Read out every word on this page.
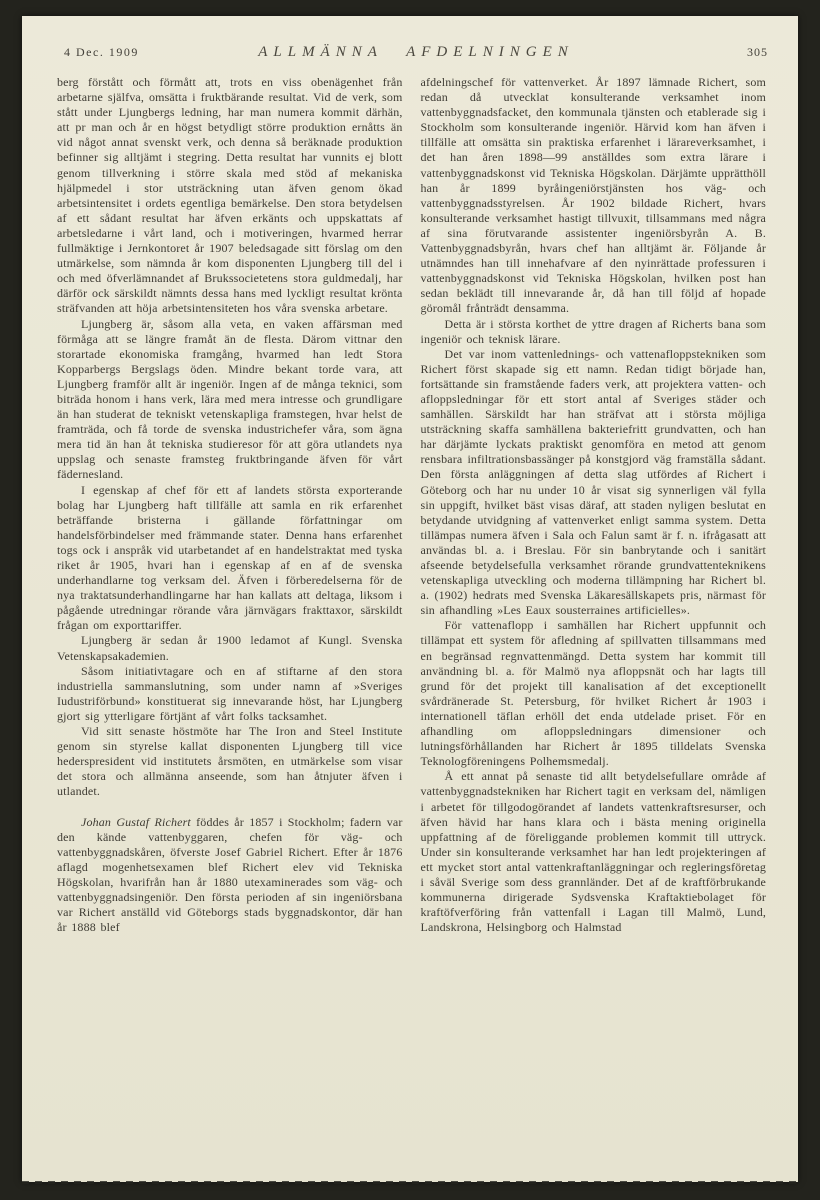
4 Dec. 1909	ALLMÄNNA AFDELNINGEN	305

berg förstått och förmått att, trots en viss obenägenhet från arbetarne själfva, omsätta i fruktbärande resultat. Vid de verk, som stått under Ljungbergs ledning, har man numera kommit därhän, att pr man och år en högst betydligt större produktion ernåtts än vid något annat svenskt verk, och denna så beräknade produktion befinner sig alltjämt i stegring. Detta resultat har vunnits ej blott genom tillverkning i större skala med stöd af mekaniska hjälpmedel i stor utsträckning utan äfven genom ökad arbetsintensitet i ordets egentliga bemärkelse. Den stora betydelsen af ett sådant resultat har äfven erkänts och uppskattats af arbetsledarne i vårt land, och i motiveringen, hvarmed herrar fullmäktige i Jernkontoret år 1907 beledsagade sitt förslag om den utmärkelse, som nämnda år kom disponenten Ljungberg till del i och med öfverlämnandet af Brukssocietetens stora guldmedalj, har därför ock särskildt nämnts dessa hans med lyckligt resultat krönta sträfvanden att höja arbetsintensiteten hos våra svenska arbetare.

Ljungberg är, såsom alla veta, en vaken affärsman med förmåga att se längre framåt än de flesta. Därom vittnar den storartade ekonomiska framgång, hvarmed han ledt Stora Kopparbergs Bergslags öden. Mindre bekant torde vara, att Ljungberg framför allt är ingeniör. Ingen af de många teknici, som biträda honom i hans verk, lära med mera intresse och grundligare än han studerat de tekniskt vetenskapliga framstegen, hvar helst de framträda, och få torde de svenska industrichefer våra, som ägna mera tid än han åt tekniska studieresor för att göra utlandets nya uppslag och senaste framsteg fruktbringande äfven för vårt fädernesland.

I egenskap af chef för ett af landets största exporterande bolag har Ljungberg haft tillfälle att samla en rik erfarenhet beträffande bristerna i gällande författningar om handelsförbindelser med främmande stater. Denna hans erfarenhet togs ock i anspråk vid utarbetandet af en handelstraktat med tyska riket år 1905, hvari han i egenskap af en af de svenska underhandlarne tog verksam del. Äfven i förberedelserna för de nya traktatsunderhandlingarne har han kallats att deltaga, liksom i pågående utredningar rörande våra järnvägars frakttaxor, särskildt frågan om exporttariffer.

Ljungberg är sedan år 1900 ledamot af Kungl. Svenska Vetenskapsakademien.

Såsom initiativtagare och en af stiftarne af den stora industriella sammanslutning, som under namn af »Sveriges Iudustriförbund» konstituerat sig innevarande höst, har Ljungberg gjort sig ytterligare förtjänt af vårt folks tacksamhet.

Vid sitt senaste höstmöte har The Iron and Steel Institute genom sin styrelse kallat disponenten Ljungberg till vice hederspresident vid institutets årsmöten, en utmärkelse som visar det stora och allmänna anseende, som han åtnjuter äfven i utlandet.

Johan Gustaf Richert föddes år 1857 i Stockholm; fadern var den kände vattenbyggaren, chefen för väg- och vattenbyggnadskåren, öfverste Josef Gabriel Richert. Efter år 1876 aflagd mogenhetsexamen blef Richert elev vid Tekniska Högskolan, hvarifrån han år 1880 utexaminerades som väg- och vattenbyggnadsingeniör. Den första perioden af sin ingeniörsbana var Richert anställd vid Göteborgs stads byggnadskontor, där han år 1888 blef

afdelningschef för vattenverket. År 1897 lämnade Richert, som redan då utvecklat konsulterande verksamhet inom vattenbyggnadsfacket, den kommunala tjänsten och etablerade sig i Stockholm som konsulterande ingeniör. Härvid kom han äfven i tillfälle att omsätta sin praktiska erfarenhet i lärareverksamhet, i det han åren 1898—99 anställdes som extra lärare i vattenbyggnadskonst vid Tekniska Högskolan. Därjämte upprätthöll han år 1899 byråingeniörstjänsten hos väg- och vattenbyggnadsstyrelsen. År 1902 bildade Richert, hvars konsulterande verksamhet hastigt tillvuxit, tillsammans med några af sina förutvarande assistenter ingeniörsbyrån A. B. Vattenbyggnadsbyrån, hvars chef han alltjämt är. Följande år utnämndes han till innehafvare af den nyinrättade professuren i vattenbyggnadskonst vid Tekniska Högskolan, hvilken post han sedan beklädt till innevarande år, då han till följd af hopade göromål frånträdt densamma.

Detta är i största korthet de yttre dragen af Richerts bana som ingeniör och teknisk lärare.

Det var inom vattenlednings- och vattenafloppstekniken som Richert först skapade sig ett namn. Redan tidigt började han, fortsättande sin framstående faders verk, att projektera vatten- och afloppsledningar för ett stort antal af Sveriges städer och samhällen. Särskildt har han sträfvat att i största möjliga utsträckning skaffa samhällena bakteriefritt grundvatten, och han har därjämte lyckats praktiskt genomföra en metod att genom rensbara infiltrationsbassänger på konstgjord väg framställa sådant. Den första anläggningen af detta slag utfördes af Richert i Göteborg och har nu under 10 år visat sig synnerligen väl fylla sin uppgift, hvilket bäst visas däraf, att staden nyligen beslutat en betydande utvidgning af vattenverket enligt samma system. Detta tillämpas numera äfven i Sala och Falun samt är f. n. ifrågasatt att användas bl. a. i Breslau. För sin banbrytande och i sanitärt afseende betydelsefulla verksamhet rörande grundvattenteknikens vetenskapliga utveckling och moderna tillämpning har Richert bl. a. (1902) hedrats med Svenska Läkaresällskapets pris, närmast för sin afhandling »Les Eaux sousterraines artificielles».

För vattenaflopp i samhällen har Richert uppfunnit och tillämpat ett system för afledning af spillvatten tillsammans med en begränsad regnvattenmängd. Detta system har kommit till användning bl. a. för Malmö nya afloppsnät och har lagts till grund för det projekt till kanalisation af det exceptionellt svårdränerade St. Petersburg, för hvilket Richert år 1903 i internationell täflan erhöll det enda utdelade priset. För en afhandling om afloppsledningars dimensioner och lutningsförhållanden har Richert år 1895 tilldelats Svenska Teknologföreningens Polhemsmedalj.

Å ett annat på senaste tid allt betydelsefullare område af vattenbyggnadstekniken har Richert tagit en verksam del, nämligen i arbetet för tillgodogörandet af landets vattenkraftsresurser, och äfven hävid har hans klara och i bästa mening originella uppfattning af de föreliggande problemen kommit till uttryck. Under sin konsulterande verksamhet har han ledt projekteringen af ett mycket stort antal vattenkraftanläggningar och regleringsföretag i såväl Sverige som dess grannländer. Det af de kraftförbrukande kommunerna dirigerade Sydsvenska Kraftaktiebolaget för kraftöfverföring från vattenfall i Lagan till Malmö, Lund, Landskrona, Helsingborg och Halmstad
